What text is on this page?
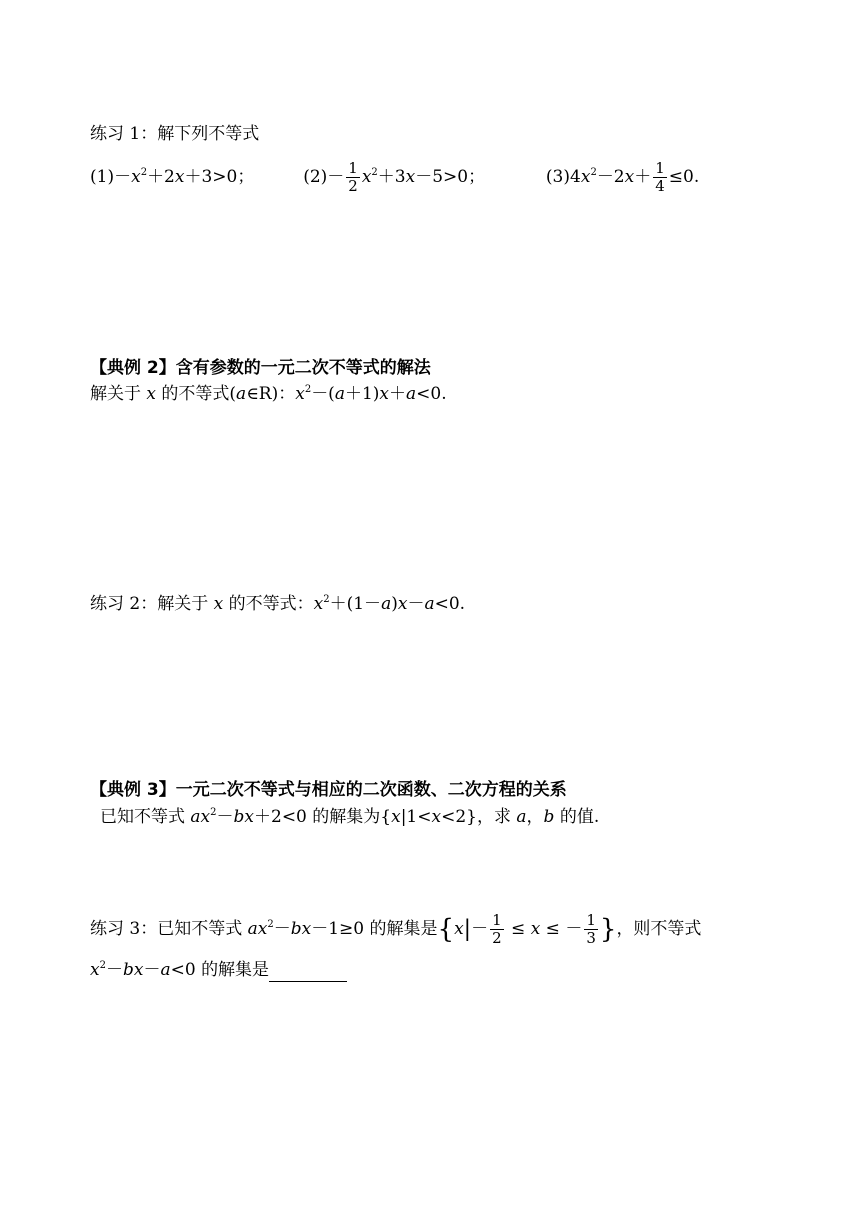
练习 1：解下列不等式
$(1)-x^2+2x+3>0$；	$(2)- \frac{1}{2} x^2+3x-5>0$；	$(3)4x^2-2x+ \frac{1}{4} \le 0$.
【典例 2】含有参数的一元二次不等式的解法
解关于 x 的不等式(a∈R)：$x^2-(a+1)x+a<0$.
练习 2：解关于 x 的不等式：$x^2+(1-a)x-a<0$.
【典例 3】一元二次不等式与相应的二次函数、二次方程的关系
已知不等式 $ax^2-bx+2<0$ 的解集为{x|1<x<2}，求 a，b 的值.
练习 3：已知不等式 $ax^2-bx-1\ge 0$ 的解集是{$x|- \frac{1}{2} \le x$ ≤ － $\frac{1}{3}$ }，则不等式
$x^2-bx-a<0$ 的解集是
